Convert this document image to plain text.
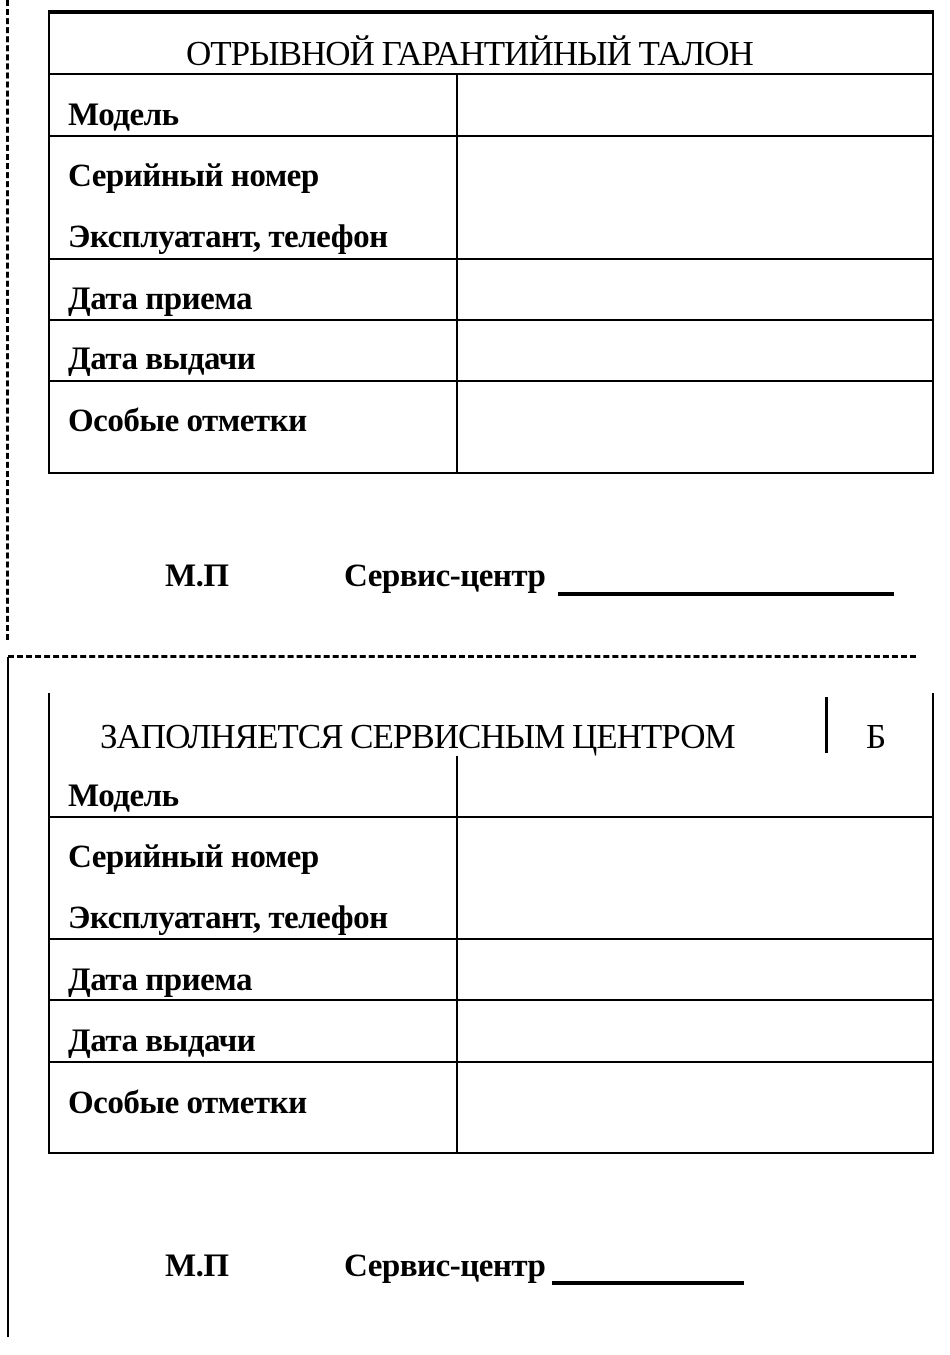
ОТРЫВНОЙ ГАРАНТИЙНЫЙ ТАЛОН
Модель
Серийный номер
Эксплуатант, телефон
Дата приема
Дата выдачи
Особые отметки
М.П	Сервис-центр
ЗАПОЛНЯЕТСЯ СЕРВИСНЫМ ЦЕНТРОМ	Б
Модель
Серийный номер
Эксплуатант, телефон
Дата приема
Дата выдачи
Особые отметки
М.П	Сервис-центр
